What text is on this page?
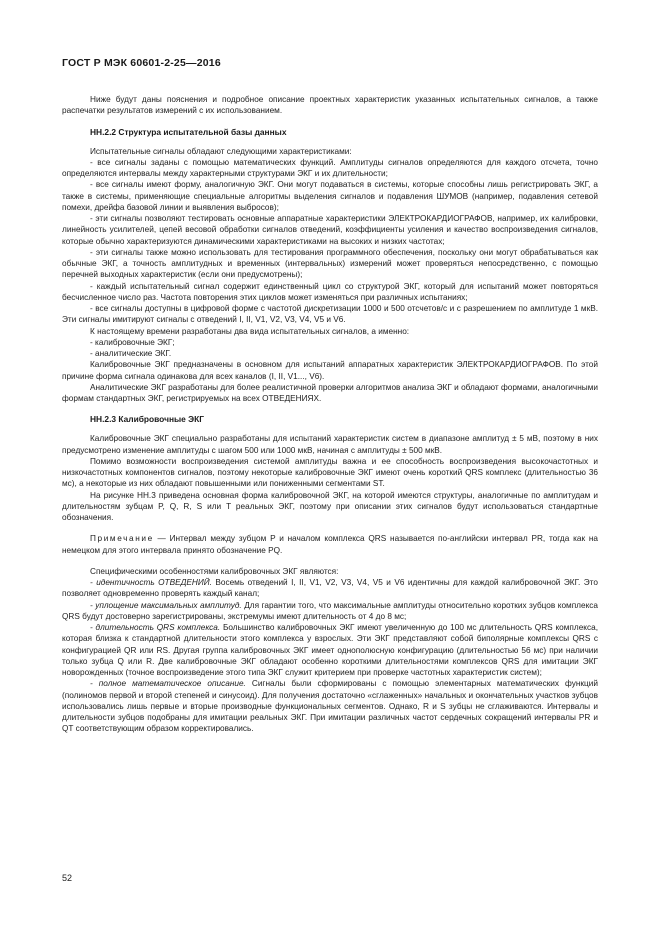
ГОСТ Р МЭК 60601-2-25—2016

Ниже будут даны пояснения и подробное описание проектных характеристик указанных испытательных сигналов, а также распечатки результатов измерений с их использованием.

НН.2.2 Структура испытательной базы данных

Испытательные сигналы обладают следующими характеристиками:

- все сигналы заданы с помощью математических функций. Амплитуды сигналов определяются для каждого отсчета, точно определяются интервалы между характерными структурами ЭКГ и их длительности;

- все сигналы имеют форму, аналогичную ЭКГ. Они могут подаваться в системы, которые способны лишь регистрировать ЭКГ, а также в системы, применяющие специальные алгоритмы выделения сигналов и подавления ШУМОВ (например, подавления сетевой помехи, дрейфа базовой линии и выявления выбросов);

- эти сигналы позволяют тестировать основные аппаратные характеристики ЭЛЕКТРОКАРДИОГРАФОВ, например, их калибровки, линейность усилителей, цепей весовой обработки сигналов отведений, коэффициенты усиления и качество воспроизведения сигналов, которые обычно характеризуются динамическими характеристиками на высоких и низких частотах;

- эти сигналы также можно использовать для тестирования программного обеспечения, поскольку они могут обрабатываться как обычные ЭКГ, а точность амплитудных и временных (интервальных) измерений может проверяться непосредственно, с помощью перечней выходных характеристик (если они предусмотрены);

- каждый испытательный сигнал содержит единственный цикл со структурой ЭКГ, который для испытаний может повторяться бесчисленное число раз. Частота повторения этих циклов может изменяться при различных испытаниях;

- все сигналы доступны в цифровой форме с частотой дискретизации 1000 и 500 отсчетов/с и с разрешением по амплитуде 1 мкВ. Эти сигналы имитируют сигналы с отведений I, II, V1, V2, V3, V4, V5 и V6.

К настоящему времени разработаны два вида испытательных сигналов, а именно:

- калибровочные ЭКГ;

- аналитические ЭКГ.

Калибровочные ЭКГ предназначены в основном для испытаний аппаратных характеристик ЭЛЕКТРОКАРДИОГРАФОВ. По этой причине форма сигнала одинакова для всех каналов (I, II, V1..., V6).

Аналитические ЭКГ разработаны для более реалистичной проверки алгоритмов анализа ЭКГ и обладают формами, аналогичными формам стандартных ЭКГ, регистрируемых на всех ОТВЕДЕНИЯХ.

НН.2.3 Калибровочные ЭКГ

Калибровочные ЭКГ специально разработаны для испытаний характеристик систем в диапазоне амплитуд ± 5 мВ, поэтому в них предусмотрено изменение амплитуды с шагом 500 или 1000 мкВ, начиная с амплитуды ± 500 мкВ.

Помимо возможности воспроизведения системой амплитуды важна и ее способность воспроизведения высокочастотных и низкочастотных компонентов сигналов, поэтому некоторые калибровочные ЭКГ имеют очень короткий QRS комплекс (длительностью 36 мс), а некоторые из них обладают повышенными или пониженными сегментами ST.

На рисунке НН.3 приведена основная форма калибровочной ЭКГ, на которой имеются структуры, аналогичные по амплитудам и длительностям зубцам P, Q, R, S или T реальных ЭКГ, поэтому при описании этих сигналов будут использоваться стандартные обозначения.

Примечание — Интервал между зубцом P и началом комплекса QRS называется по-английски интервал PR, тогда как на немецком для этого интервала принято обозначение PQ.

Специфическими особенностями калибровочных ЭКГ являются:

- идентичность ОТВЕДЕНИЙ. Восемь отведений I, II, V1, V2, V3, V4, V5 и V6 идентичны для каждой калибровочной ЭКГ. Это позволяет одновременно проверять каждый канал;

- уплощение максимальных амплитуд. Для гарантии того, что максимальные амплитуды относительно коротких зубцов комплекса QRS будут достоверно зарегистрированы, экстремумы имеют длительность от 4 до 8 мс;

- длительность QRS комплекса. Большинство калибровочных ЭКГ имеют увеличенную до 100 мс длительность QRS комплекса, которая близка к стандартной длительности этого комплекса у взрослых. Эти ЭКГ представляют собой биполярные комплексы QRS с конфигурацией QR или RS. Другая группа калибровочных ЭКГ имеет однополюсную конфигурацию (длительностью 56 мс) при наличии только зубца Q или R. Две калибровочные ЭКГ обладают особенно короткими длительностями комплексов QRS для имитации ЭКГ новорожденных (точное воспроизведение этого типа ЭКГ служит критерием при проверке частотных характеристик систем);

- полное математическое описание. Сигналы были сформированы с помощью элементарных математических функций (полиномов первой и второй степеней и синусоид). Для получения достаточно «сглаженных» начальных и окончательных участков зубцов использовались лишь первые и вторые производные функциональных сегментов. Однако, R и S зубцы не сглаживаются. Интервалы и длительности зубцов подобраны для имитации реальных ЭКГ. При имитации различных частот сердечных сокращений интервалы PR и QT соответствующим образом корректировались.

52
